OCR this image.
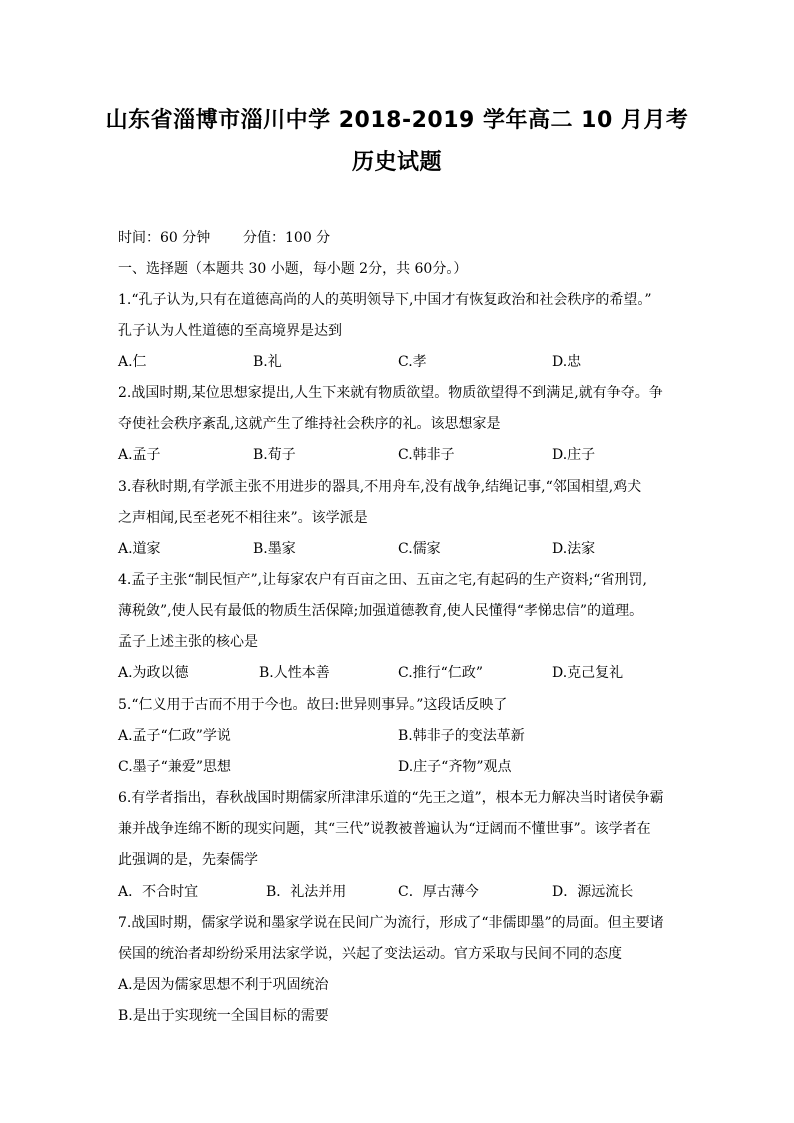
山东省淄博市淄川中学 2018-2019 学年高二 10 月月考
历史试题
时间：60 分钟 分值：100 分
一、选择题（本题共 30 小题，每小题 2分，共 60分。）
1.“孔子认为,只有在道德高尚的人的英明领导下,中国才有恢复政治和社会秩序的希望。”
孔子认为人性道德的至高境界是达到
A.仁	B.礼	C.孝	D.忠
2.战国时期,某位思想家提出,人生下来就有物质欲望。物质欲望得不到满足,就有争夺。争
夺使社会秩序紊乱,这就产生了维持社会秩序的礼。该思想家是
A.孟子	B.荀子	C.韩非子	D.庄子
3.春秋时期,有学派主张不用进步的器具,不用舟车,没有战争,结绳记事,“邻国相望,鸡犬
之声相闻,民至老死不相往来”。该学派是
A.道家	B.墨家	C.儒家	D.法家
4.孟子主张“制民恒产”,让每家农户有百亩之田、五亩之宅,有起码的生产资料;“省刑罚,
薄税敛”,使人民有最低的物质生活保障;加强道德教育,使人民懂得“孝悌忠信”的道理。
孟子上述主张的核心是
A.为政以德	B.人性本善	C.推行“仁政”	D.克己复礼
5.“仁义用于古而不用于今也。故曰:世异则事异。”这段话反映了
A.孟子“仁政”学说	B.韩非子的变法革新
C.墨子“兼爱”思想	D.庄子“齐物”观点
6.有学者指出，春秋战国时期儒家所津津乐道的“先王之道”，根本无力解决当时诸侯争霸
兼并战争连绵不断的现实问题，其“三代”说教被普遍认为“迂阔而不懂世事”。该学者在
此强调的是，先秦儒学
A．不合时宜	B．礼法并用	C．厚古薄今	D．源远流长
7.战国时期，儒家学说和墨家学说在民间广为流行，形成了“非儒即墨”的局面。但主要诸
侯国的统治者却纷纷采用法家学说，兴起了变法运动。官方采取与民间不同的态度
A.是因为儒家思想不利于巩固统治
B.是出于实现统一全国目标的需要
